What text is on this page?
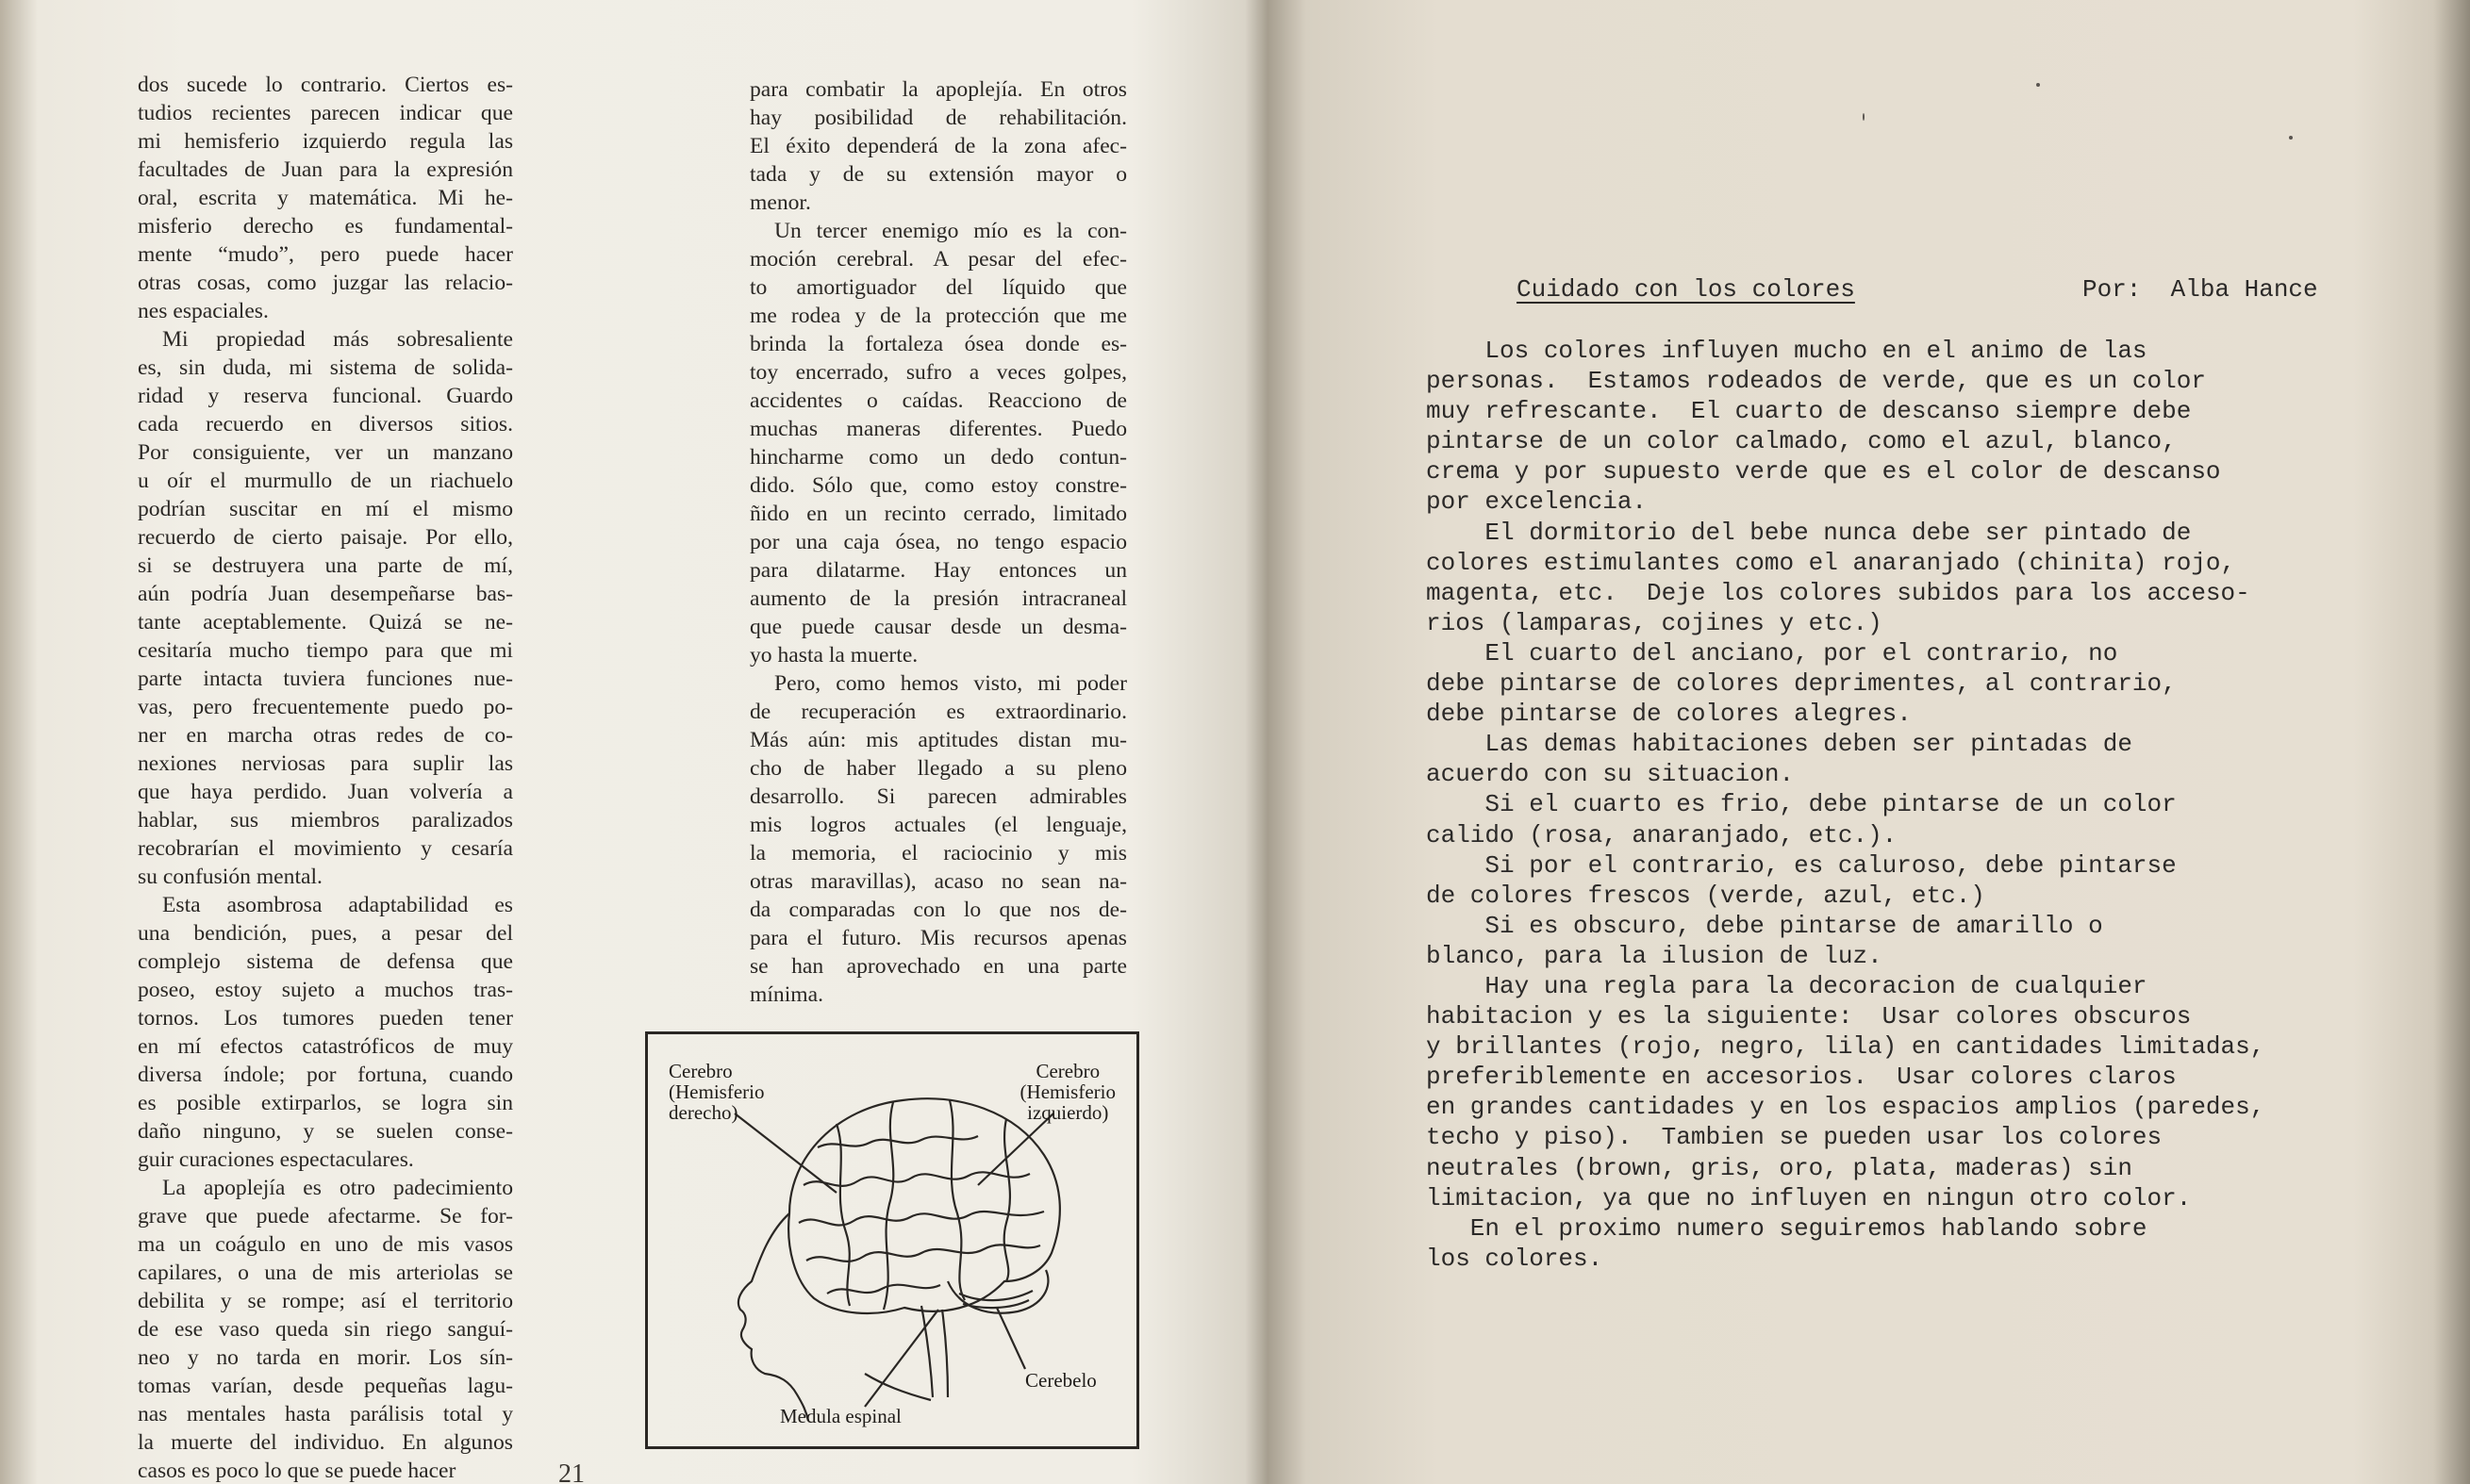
dos sucede lo contrario. Ciertos es-
tudios recientes parecen indicar que
mi hemisferio izquierdo regula las
facultades de Juan para la expresión
oral, escrita y matemática. Mi he-
misferio derecho es fundamental-
mente “mudo”, pero puede hacer
otras cosas, como juzgar las relacio-
nes espaciales.
Mi propiedad más sobresaliente
es, sin duda, mi sistema de solida-
ridad y reserva funcional. Guardo
cada recuerdo en diversos sitios.
Por consiguiente, ver un manzano
u oír el murmullo de un riachuelo
podrían suscitar en mí el mismo
recuerdo de cierto paisaje. Por ello,
si se destruyera una parte de mí,
aún podría Juan desempeñarse bas-
tante aceptablemente. Quizá se ne-
cesitaría mucho tiempo para que mi
parte intacta tuviera funciones nue-
vas, pero frecuentemente puedo po-
ner en marcha otras redes de co-
nexiones nerviosas para suplir las
que haya perdido. Juan volvería a
hablar, sus miembros paralizados
recobrarían el movimiento y cesaría
su confusión mental.
Esta asombrosa adaptabilidad es
una bendición, pues, a pesar del
complejo sistema de defensa que
poseo, estoy sujeto a muchos tras-
tornos. Los tumores pueden tener
en mí efectos catastróficos de muy
diversa índole; por fortuna, cuando
es posible extirparlos, se logra sin
daño ninguno, y se suelen conse-
guir curaciones espectaculares.
La apoplejía es otro padecimiento
grave que puede afectarme. Se for-
ma un coágulo en uno de mis vasos
capilares, o una de mis arteriolas se
debilita y se rompe; así el territorio
de ese vaso queda sin riego sanguí-
neo y no tarda en morir. Los sín-
tomas varían, desde pequeñas lagu-
nas mentales hasta parálisis total y
la muerte del individuo. En algunos
casos es poco lo que se puede hacer
para combatir la apoplejía. En otros
hay posibilidad de rehabilitación.
El éxito dependerá de la zona afec-
tada y de su extensión mayor o
menor.
Un tercer enemigo mío es la con-
moción cerebral. A pesar del efec-
to amortiguador del líquido que
me rodea y de la protección que me
brinda la fortaleza ósea donde es-
toy encerrado, sufro a veces golpes,
accidentes o caídas. Reacciono de
muchas maneras diferentes. Puedo
hincharme como un dedo contun-
dido. Sólo que, como estoy constre-
ñido en un recinto cerrado, limitado
por una caja ósea, no tengo espacio
para dilatarme. Hay entonces un
aumento de la presión intracraneal
que puede causar desde un desma-
yo hasta la muerte.
Pero, como hemos visto, mi poder
de recuperación es extraordinario.
Más aún: mis aptitudes distan mu-
cho de haber llegado a su pleno
desarrollo. Si parecen admirables
mis logros actuales (el lenguaje,
la memoria, el raciocinio y mis
otras maravillas), acaso no sean na-
da comparadas con lo que nos de-
para el futuro. Mis recursos apenas
se han aprovechado en una parte
mínima.
Cerebro
(Hemisferio
derecho)
Cerebro
(Hemisferio
izquierdo)
Medula espinal
Cerebelo
21
Cuidado con los colores	Por:  Alba Hance
Los colores influyen mucho en el animo de las
personas.  Estamos rodeados de verde, que es un color
muy refrescante.  El cuarto de descanso siempre debe
pintarse de un color calmado, como el azul, blanco,
crema y por supuesto verde que es el color de descanso
por excelencia.
El dormitorio del bebe nunca debe ser pintado de
colores estimulantes como el anaranjado (chinita) rojo,
magenta, etc.  Deje los colores subidos para los acceso-
rios (lamparas, cojines y etc.)
El cuarto del anciano, por el contrario, no
debe pintarse de colores deprimentes, al contrario,
debe pintarse de colores alegres.
Las demas habitaciones deben ser pintadas de
acuerdo con su situacion.
Si el cuarto es frio, debe pintarse de un color
calido (rosa, anaranjado, etc.).
Si por el contrario, es caluroso, debe pintarse
de colores frescos (verde, azul, etc.)
Si es obscuro, debe pintarse de amarillo o
blanco, para la ilusion de luz.
Hay una regla para la decoracion de cualquier
habitacion y es la siguiente:  Usar colores obscuros
y brillantes (rojo, negro, lila) en cantidades limitadas,
preferiblemente en accesorios.  Usar colores claros
en grandes cantidades y en los espacios amplios (paredes,
techo y piso).  Tambien se pueden usar los colores
neutrales (brown, gris, oro, plata, maderas) sin
limitacion, ya que no influyen en ningun otro color.
En el proximo numero seguiremos hablando sobre
los colores.
